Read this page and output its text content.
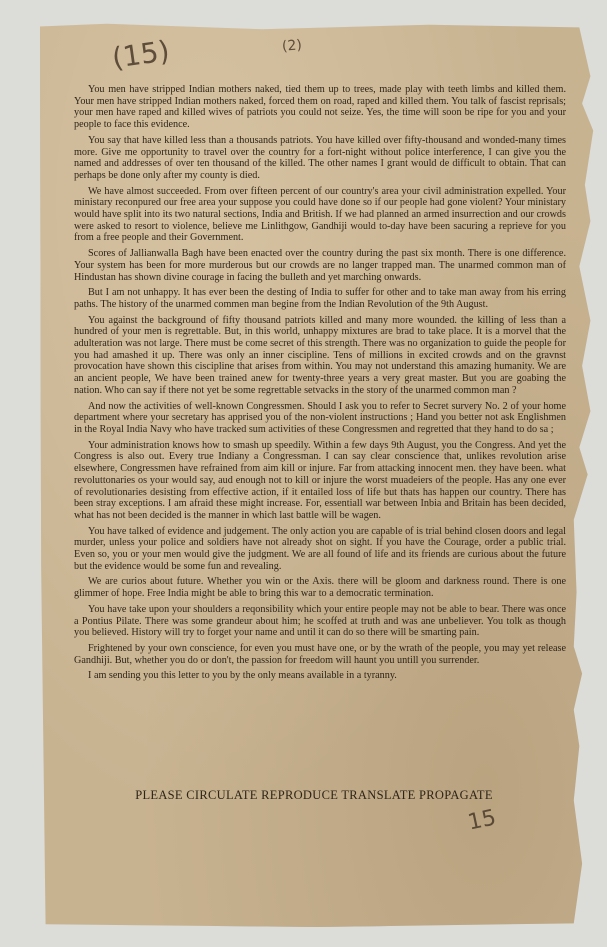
(15)	(2)

You men have stripped Indian mothers naked, tied them up to trees, made play with teeth limbs and killed them. Your men have stripped Indian mothers naked, forced them on road, raped and killed them. You talk of fascist reprisals; your men have raped and killed wives of patriots you could not seize. Yes, the time will soon be ripe for you and your people to face this evidence.

You say that have killed less than a thousands patriots. You have killed over fifty-thousand and wonded-many times more. Give me opportunity to travel over the country for a fort-night without police interference, I can give you the named and addresses of over ten thousand of the killed. The other names I grant would de difficult to obtain. That can perhaps be done only after my county is died.

We have almost succeeded. From over fifteen percent of our country's area your civil administration expelled. Your ministary reconpured our free area your suppose you could have done so if our people had gone violent? Your ministary would have split into its two natural sections, India and British. If we had planned an armed insurrection and our crowds were asked to resort to violence, believe me Linlithgow, Gandhiji would to-day have been sacuring a reprieve for you from a free people and their Government.

Scores of Jallianwalla Bagh have been enacted over the country during the past six month. There is one difference. Your system has been for more murderous but our crowds are no langer trapped man. The unarmed common man of Hindustan has shown divine courage in facing the bulleth and yet marching onwards.

But I am not unhappy. It has ever been the desting of India to suffer for other and to take man away from his erring paths. The history of the unarmed commen man begine from the Indian Revolution of the 9th August.

You against the background of fifty thousand patriots killed and many more wounded. the killing of less than a hundred of your men is regrettable. But, in this world, unhappy mixtures are brad to take place. It is a morvel that the adulteration was not large. There must be come secret of this strength. There was no organization to guide the people for you had amashed it up. There was only an inner ciscipline. Tens of millions in excited crowds and on the gravnst provocation have shown this ciscipline that arises from within. You may not understand this amazing humanity. We are an ancient people, We have been trained anew for twenty-three years a very great master. But you are goabing the nation. Who can say if there not yet be some regrettable setvacks in the story of the unarmed common man ?

And now the activities of well-known Congressmen. Should I ask you to refer to Secret survery No. 2 of your home department where your secretary has apprised you of the non-violent instructions ; Hand you better not ask Englishmen in the Royal India Navy who have tracked sum activities of these Congressmen and regretted that they hand to do sa ;

Your administration knows how to smash up speedily. Within a few days 9th August, you the Congress. And yet the Congress is also out. Every true Indiany a Congressman. I can say clear conscience that, unlikes revolution arise elsewhere, Congressmen have refrained from aim kill or injure. Far from attacking innocent men. they have been. what revoluttonaries os your would say, aud enough not to kill or injure the worst muadeiers of the people. Has any one ever of revolutionaries desisting from effective action, if it entailed loss of life but thats has happen our country. There has been stray exceptions. I am afraid these might increase. For, essentiall war between Inbia and Britain has been decided, what has not been decided is the manner in which last battle will be wagen.

You have talked of evidence and judgement. The only action you are capable of is trial behind closen doors and legal murder, unless your police and soldiers have not already shot on sight. If you have the Courage, order a public trial. Even so, you or your men would give the judgment. We are all found of life and its friends are curious about the future but the evidence would be some fun and revealing.

We are curios about future. Whether you win or the Axis. there will be gloom and darkness round. There is one glimmer of hope. Free India might be able to bring this war to a democratic termination.

You have take upon your shoulders a reqonsibility which your entire people may not be able to bear. There was once a Pontius Pilate. There was some grandeur about him; he scoffed at truth and was ane unbeliever. You tolk as though you believed. History will try to forget your name and until it can do so there will be smarting pain.

Frightened by your own conscience, for even you must have one, or by the wrath of the people, you may yet release Gandhiji. But, whether you do or don't, the passion for freedom will haunt you untill you surrender.

I am sending you this letter to you by the only means available in a tyranny.

PLEASE CIRCULATE REPRODUCE TRANSLATE PROPAGATE
15
